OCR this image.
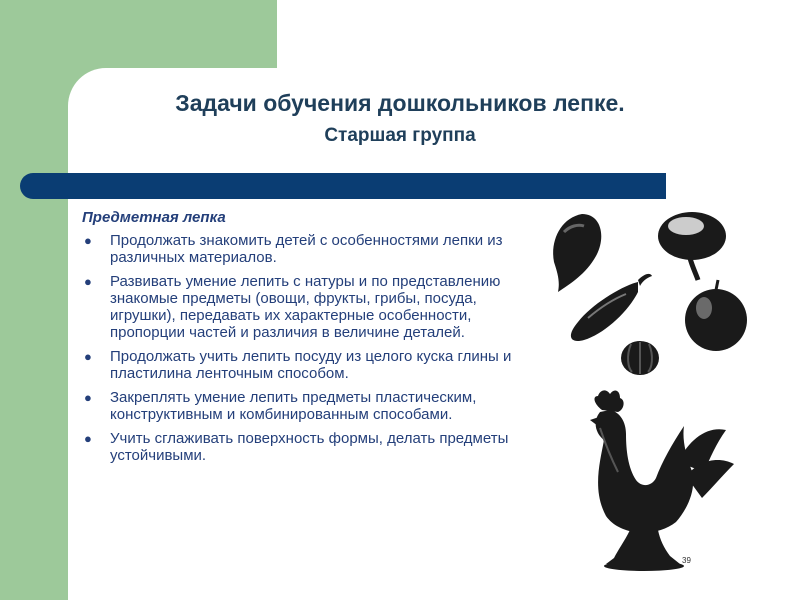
Задачи обучения дошкольников лепке.
Старшая группа
Предметная лепка
● Продолжать знакомить детей с особенностями лепки из различных материалов.
● Развивать умение лепить с натуры и по представлению знакомые предметы (овощи, фрукты, грибы, посуда, игрушки), передавать их характерные особенности, пропорции частей и различия в величине деталей.
● Продолжать учить лепить посуду из целого куска глины и пластилина ленточным способом.
● Закреплять умение лепить предметы пластическим, конструктивным и комбинированным способами.
● Учить сглаживать поверхность формы, делать предметы устойчивыми.
39
